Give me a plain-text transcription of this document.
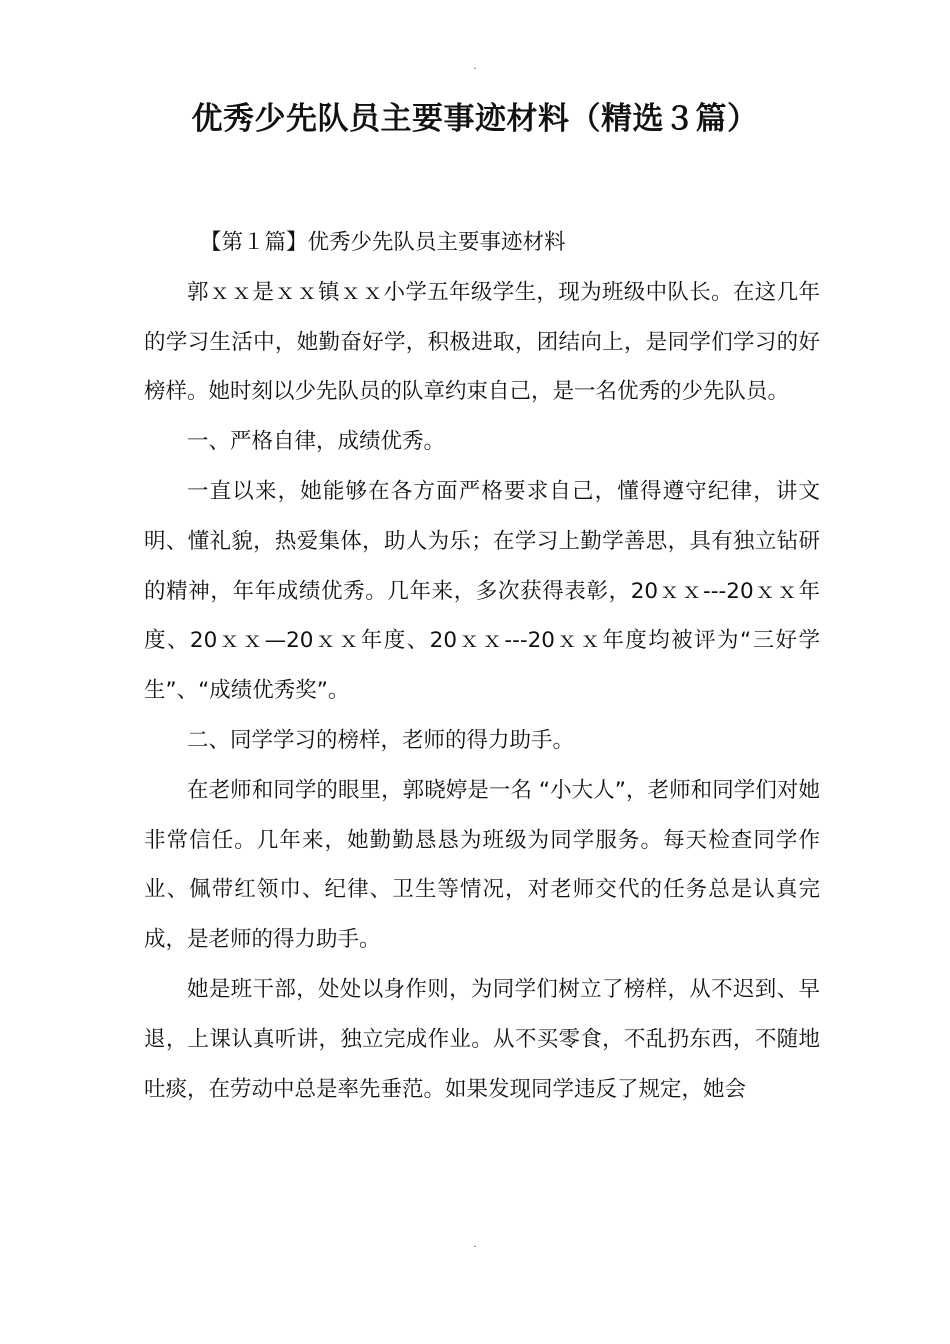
.
优秀少先队员主要事迹材料（精选３篇）

【第１篇】优秀少先队员主要事迹材料

郭ｘｘ是ｘｘ镇ｘｘ小学五年级学生，现为班级中队长。在这几年的学习生活中，她勤奋好学，积极进取，团结向上，是同学们学习的好榜样。她时刻以少先队员的队章约束自己，是一名优秀的少先队员。

一、严格自律，成绩优秀。

一直以来，她能够在各方面严格要求自己，懂得遵守纪律，讲文明、懂礼貌，热爱集体，助人为乐；在学习上勤学善思，具有独立钻研的精神，年年成绩优秀。几年来，多次获得表彰，20ｘｘ---20ｘｘ年度、20ｘｘ—20ｘｘ年度、20ｘｘ---20ｘｘ年度均被评为“三好学生”、“成绩优秀奖”。

二、同学学习的榜样，老师的得力助手。

在老师和同学的眼里，郭晓婷是一名 “小大人”，老师和同学们对她非常信任。几年来，她勤勤恳恳为班级为同学服务。每天检查同学作业、佩带红领巾、纪律、卫生等情况，对老师交代的任务总是认真完成，是老师的得力助手。

她是班干部，处处以身作则，为同学们树立了榜样，从不迟到、早退，上课认真听讲，独立完成作业。从不买零食，不乱扔东西，不随地吐痰，在劳动中总是率先垂范。如果发现同学违反了规定，她会

.
